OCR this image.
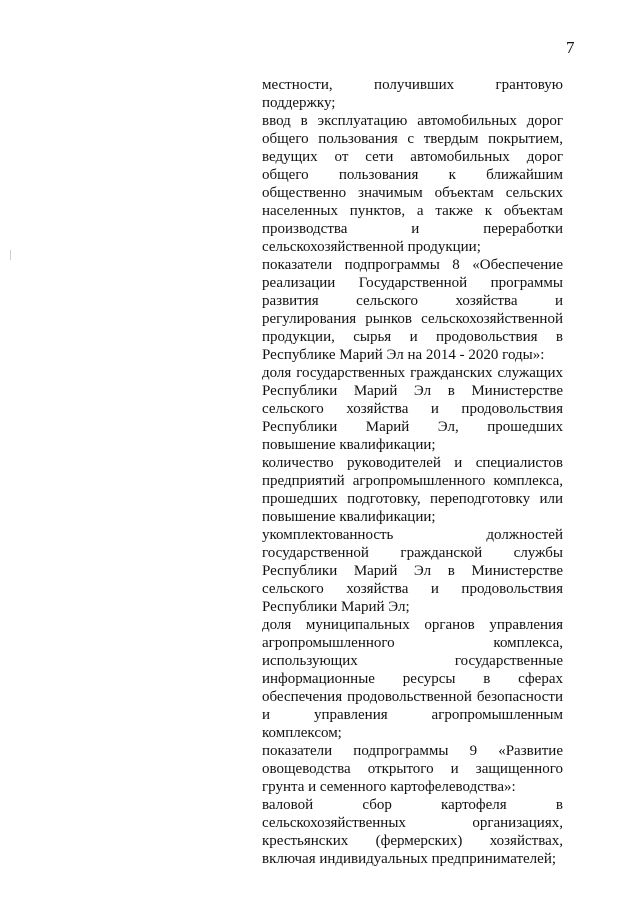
7
местности, получивших грантовую
поддержку;
ввод в эксплуатацию автомобильных дорог
общего пользования с твердым покрытием,
ведущих от сети автомобильных дорог
общего пользования к ближайшим
общественно значимым объектам сельских
населенных пунктов, а также к объектам
производства и переработки
сельскохозяйственной продукции;
показатели подпрограммы 8 «Обеспечение
реализации Государственной программы
развития сельского хозяйства и
регулирования рынков сельскохозяйственной
продукции, сырья и продовольствия в
Республике Марий Эл на 2014 - 2020 годы»:
доля государственных гражданских служащих
Республики Марий Эл в Министерстве
сельского хозяйства и продовольствия
Республики Марий Эл, прошедших
повышение квалификации;
количество руководителей и специалистов
предприятий агропромышленного комплекса,
прошедших подготовку, переподготовку или
повышение квалификации;
укомплектованность должностей
государственной гражданской службы
Республики Марий Эл в Министерстве
сельского хозяйства и продовольствия
Республики Марий Эл;
доля муниципальных органов управления
агропромышленного комплекса,
использующих государственные
информационные ресурсы в сферах
обеспечения продовольственной безопасности
и управления агропромышленным
комплексом;
показатели подпрограммы 9 «Развитие
овощеводства открытого и защищенного
грунта и семенного картофелеводства»:
валовой сбор картофеля в
сельскохозяйственных организациях,
крестьянских (фермерских) хозяйствах,
включая индивидуальных предпринимателей;
